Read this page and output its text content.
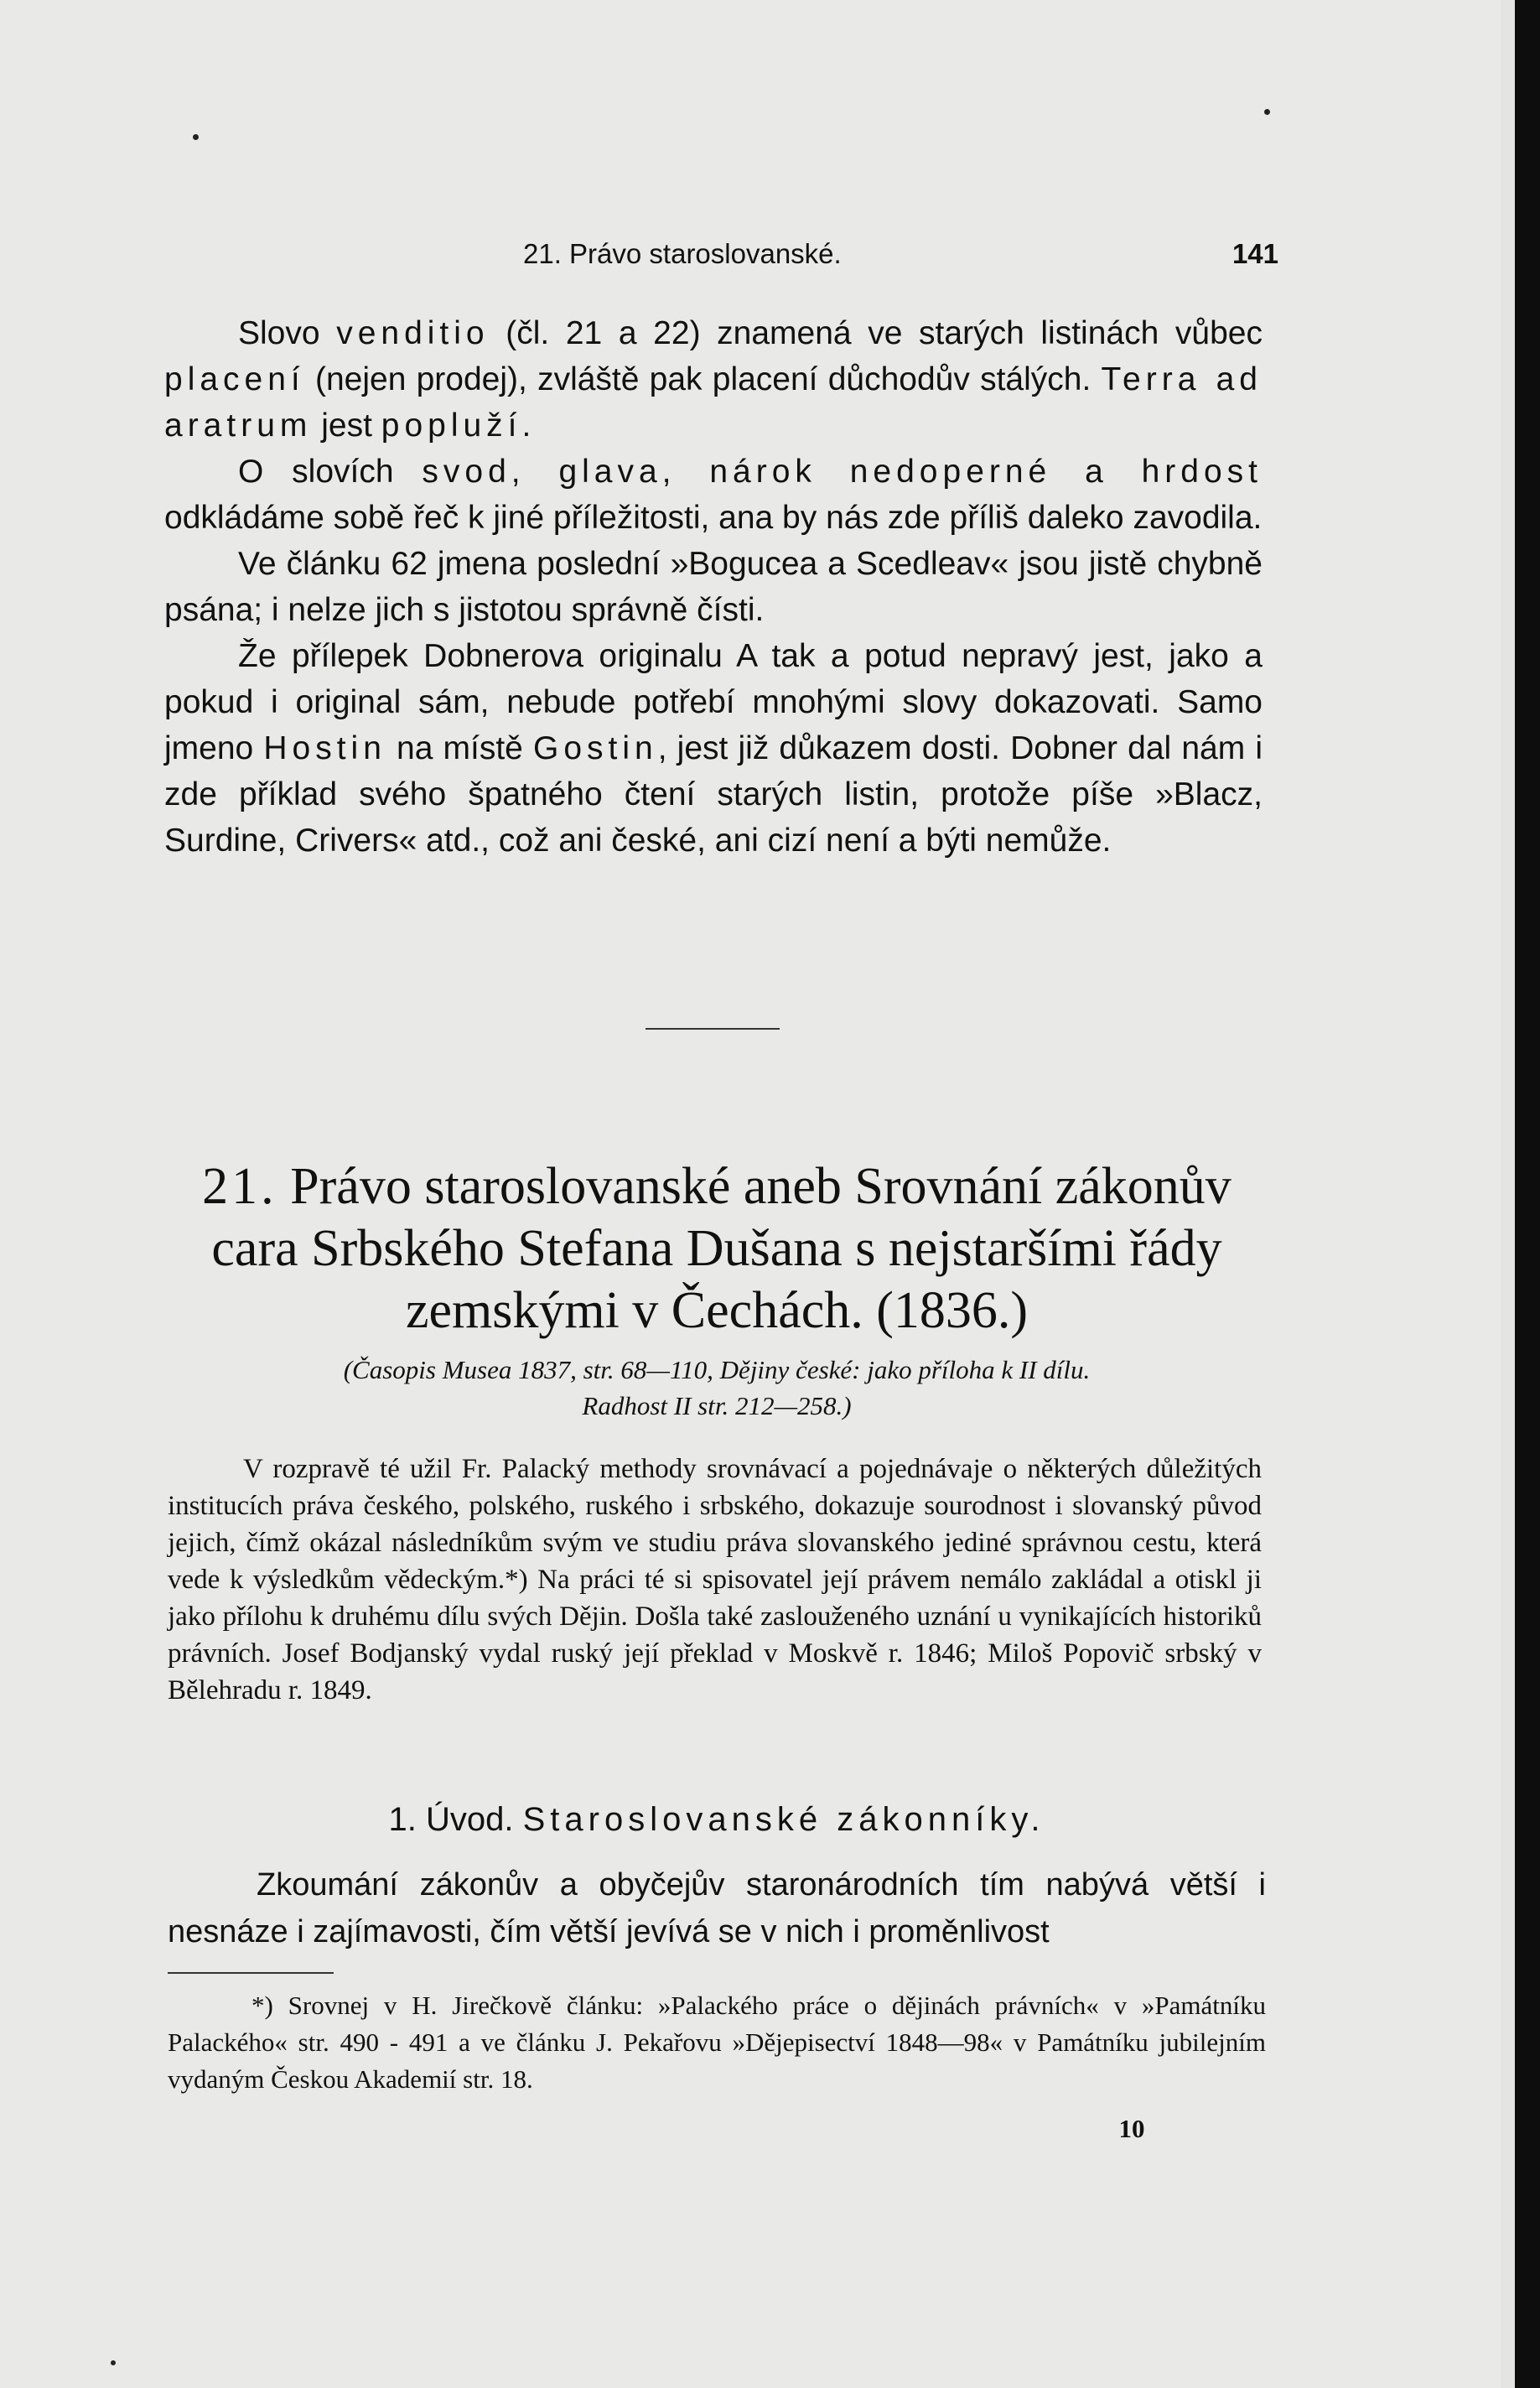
21. Právo staroslovanské.	141

Slovo venditio (čl. 21 a 22) znamená ve starých listinách vůbec placení (nejen prodej), zvláště pak placení důchodův stálých. Terra ad aratrum jest popluží.

O slovích svod, glava, nárok nedoperné a hrdost odkládáme sobě řeč k jiné příležitosti, ana by nás zde příliš daleko zavodila.

Ve článku 62 jmena poslední »Bogucea a Scedleav« jsou jistě chybně psána; i nelze jich s jistotou správně čísti.

Že přílepek Dobnerova originalu A tak a potud nepravý jest, jako a pokud i original sám, nebude potřebí mnohými slovy dokazovati. Samo jmeno Hostin na místě Gostin, jest již důkazem dosti. Dobner dal nám i zde příklad svého špatného čtení starých listin, protože píše »Blacz, Surdine, Crivers« atd., což ani české, ani cizí není a býti nemůže.

21. Právo staroslovanské aneb Srovnání zákonův cara Srbského Stefana Dušana s nejstaršími řády zemskými v Čechách. (1836.)
(Časopis Musea 1837, str. 68—110, Dějiny české: jako příloha k II dílu.
Radhost II str. 212—258.)

V rozpravě té užil Fr. Palacký methody srovnávací a pojednávaje o některých důležitých institucích práva českého, polského, ruského i srbského, dokazuje sourodnost i slovanský původ jejich, čímž okázal následníkům svým ve studiu práva slovanského jediné správnou cestu, která vede k výsledkům vědeckým.*) Na práci té si spisovatel její právem nemálo zakládal a otiskl ji jako přílohu k druhému dílu svých Dějin. Došla také zaslouženého uznání u vynikajících historiků právních. Josef Bodjanský vydal ruský její překlad v Moskvě r. 1846; Miloš Popovič srbský v Bělehradu r. 1849.

1. Úvod. Staroslovanské zákonníky.

Zkoumání zákonův a obyčejův staronárodních tím nabývá větší i nesnáze i zajímavosti, čím větší jevívá se v nich i proměnlivost

*) Srovnej v H. Jirečkově článku: »Palackého práce o dějinách právních« v »Památníku Palackého« str. 490 - 491 a ve článku J. Pekařovu »Dějepisectví 1848—98« v Památníku jubilejním vydaným Českou Akademií str. 18.

10
